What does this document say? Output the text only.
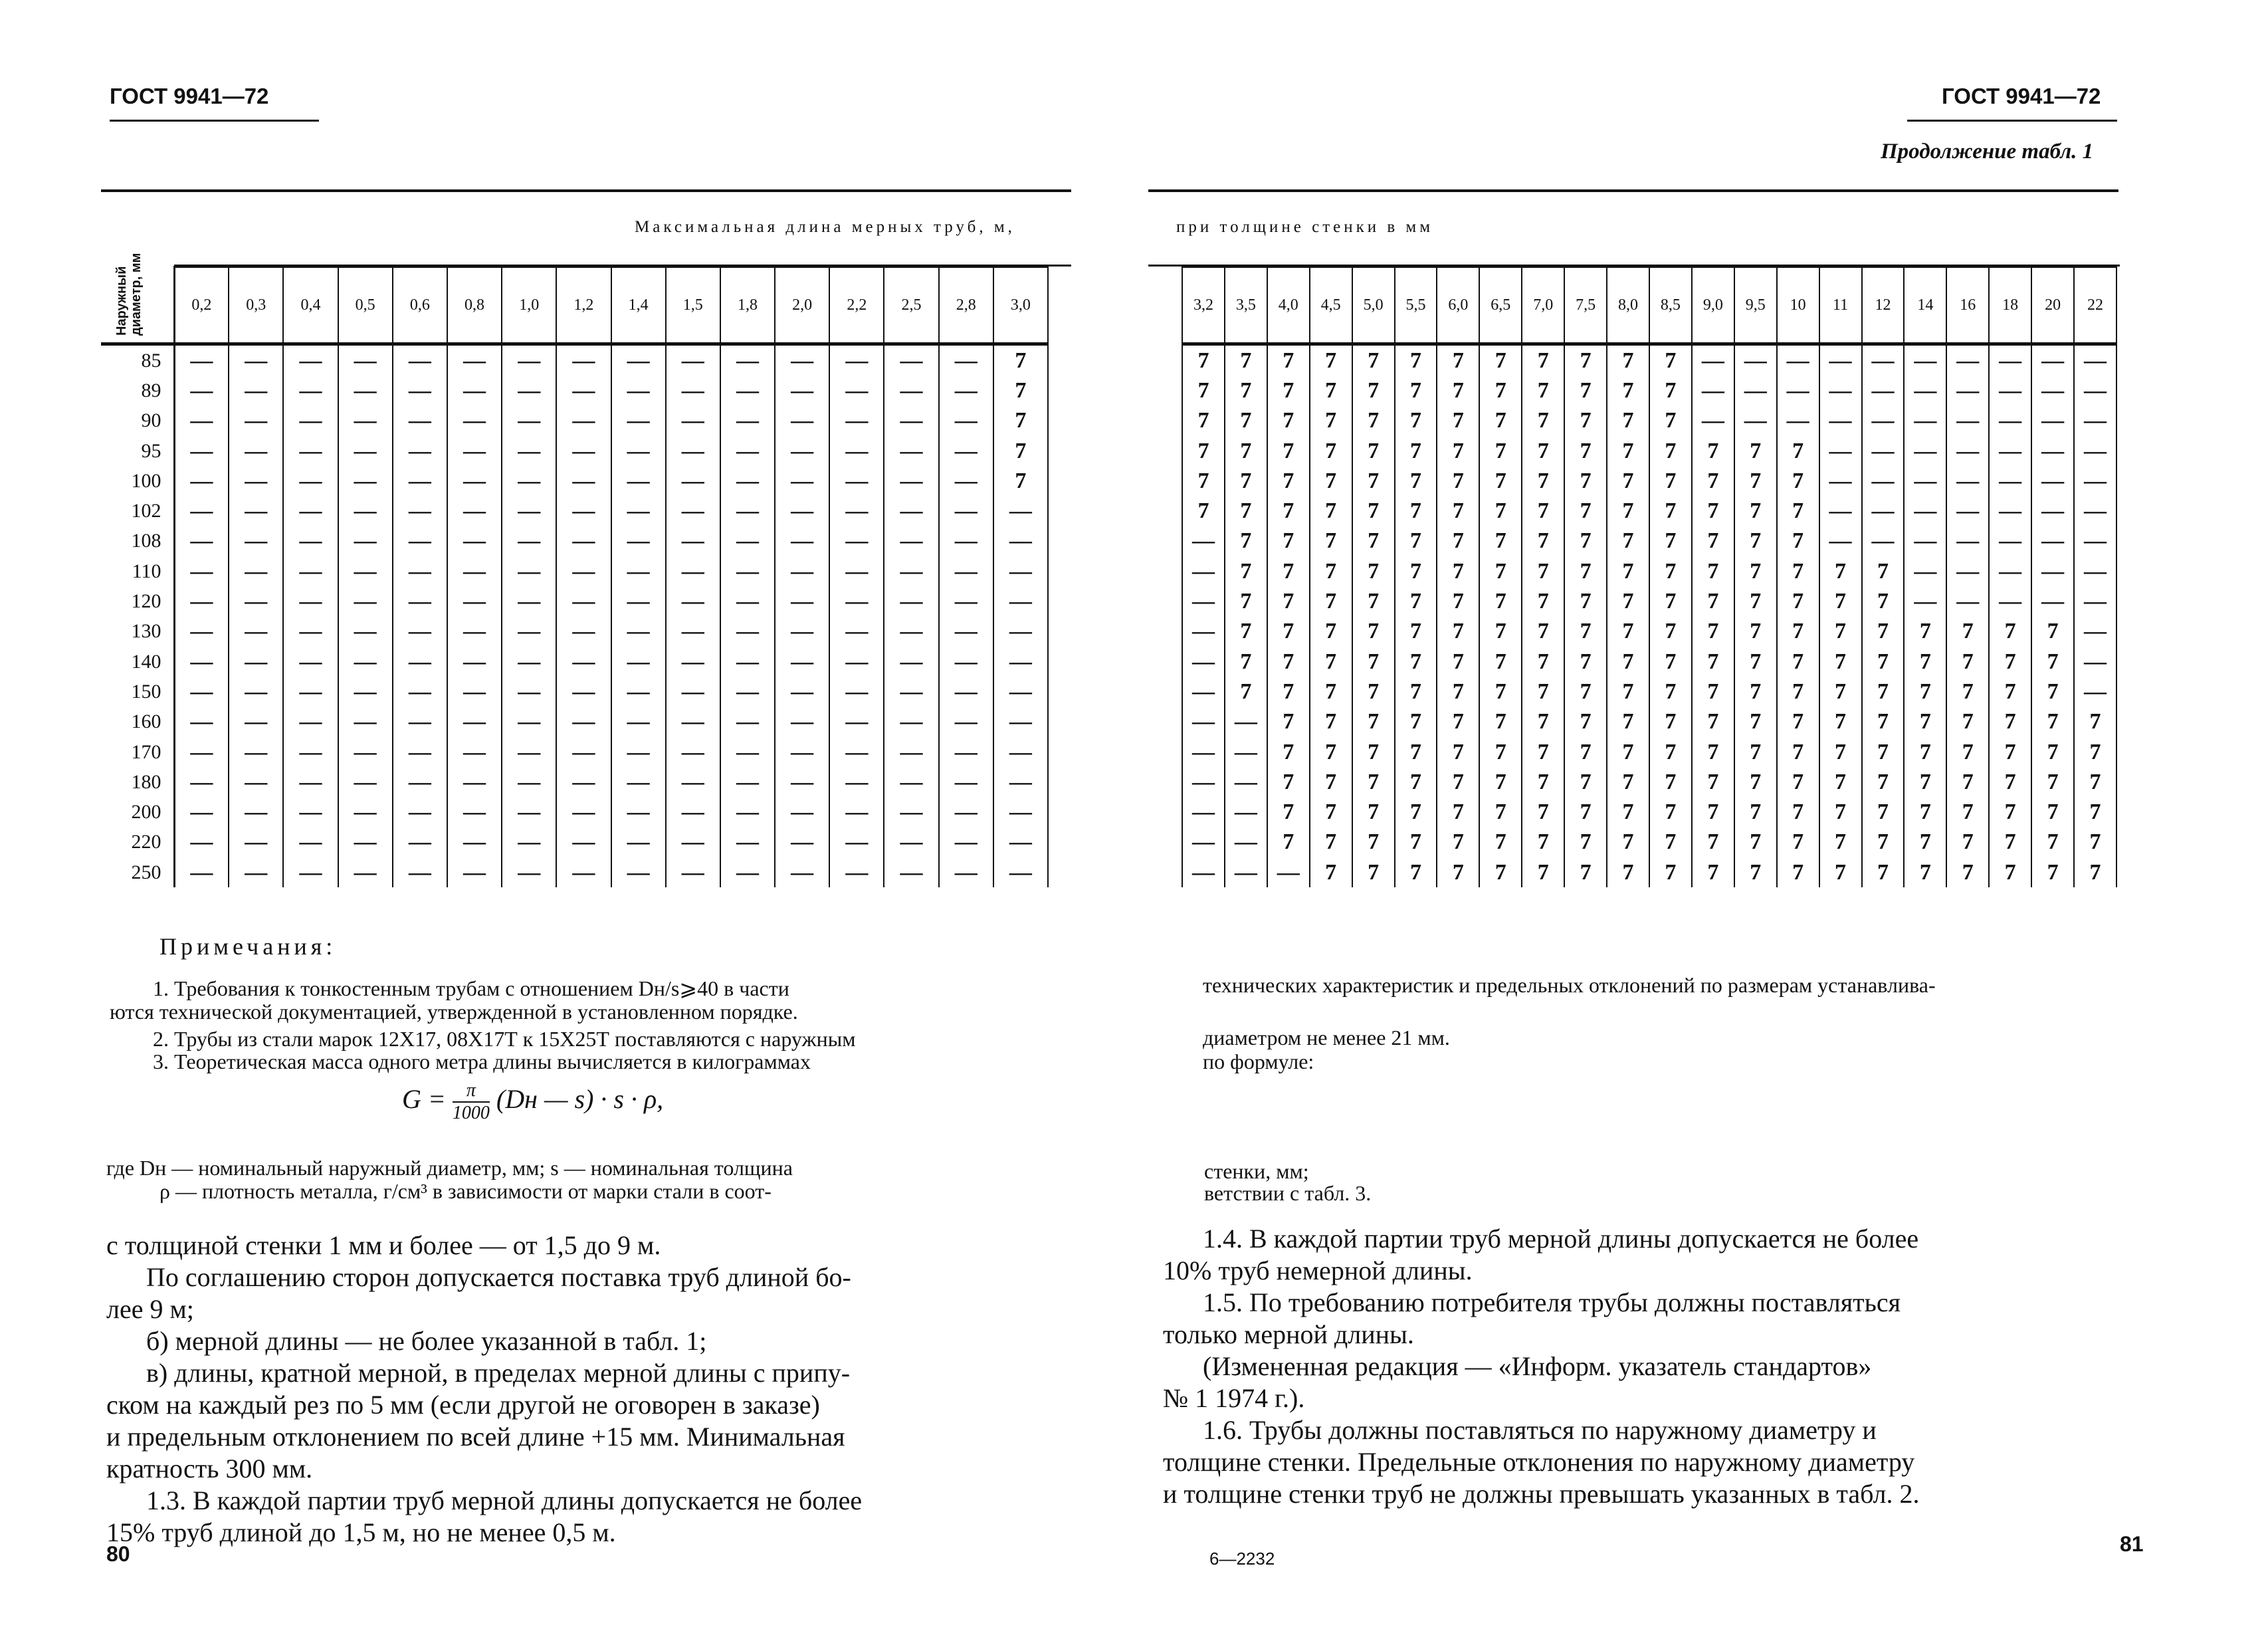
ГОСТ 9941—72
Максимальная длина мерных труб, м,
Наружный диаметр, мм
		0,2	0,3	0,4	0,5	0,6	0,8	1,0	1,2	1,4	1,5	1,8	2,0	2,2	2,5	2,8	3,0
85	—	—	—	—	—	—	—	—	—	—	—	—	—	—	—	7
89	—	—	—	—	—	—	—	—	—	—	—	—	—	—	—	7
90	—	—	—	—	—	—	—	—	—	—	—	—	—	—	—	7
95	—	—	—	—	—	—	—	—	—	—	—	—	—	—	—	7
100	—	—	—	—	—	—	—	—	—	—	—	—	—	—	—	7
102	—	—	—	—	—	—	—	—	—	—	—	—	—	—	—	—
108	—	—	—	—	—	—	—	—	—	—	—	—	—	—	—	—
110	—	—	—	—	—	—	—	—	—	—	—	—	—	—	—	—
120	—	—	—	—	—	—	—	—	—	—	—	—	—	—	—	—
130	—	—	—	—	—	—	—	—	—	—	—	—	—	—	—	—
140	—	—	—	—	—	—	—	—	—	—	—	—	—	—	—	—
150	—	—	—	—	—	—	—	—	—	—	—	—	—	—	—	—
160	—	—	—	—	—	—	—	—	—	—	—	—	—	—	—	—
170	—	—	—	—	—	—	—	—	—	—	—	—	—	—	—	—
180	—	—	—	—	—	—	—	—	—	—	—	—	—	—	—	—
200	—	—	—	—	—	—	—	—	—	—	—	—	—	—	—	—
220	—	—	—	—	—	—	—	—	—	—	—	—	—	—	—	—
250	—	—	—	—	—	—	—	—	—	—	—	—	—	—	—	—
Примечания:
1. Требования к тонкостенным трубам с отношением Dн/s⩾40 в части
ются технической документацией, утвержденной в установленном порядке.
2. Трубы из стали марок 12Х17, 08Х17Т к 15Х25Т поставляются с наружным
3. Теоретическая масса одного метра длины вычисляется в килограммах
$G = \frac{\pi}{1000} (Dн$ — s) · s · ρ,
где Dн — номинальный наружный диаметр, мм; s — номинальная толщина
ρ — плотность металла, г/см³ в зависимости от марки стали в соот-

с толщиной стенки 1 мм и более — от 1,5 до 9 м.

По соглашению сторон допускается поставка труб длиной бо-

лее 9 м;

б) мерной длины — не более указанной в табл. 1;

в) длины, кратной мерной, в пределах мерной длины с припу-

ском на каждый рез по 5 мм (если другой не оговорен в заказе)

и предельным отклонением по всей длине +15 мм. Минимальная

кратность 300 мм.

1.3. В каждой партии труб мерной длины допускается не более

15% труб длиной до 1,5 м, но не менее 0,5 м.

80
ГОСТ 9941—72
Продолжение табл. 1
при толщине стенки в мм
3,2	3,5	4,0	4,5	5,0	5,5	6,0	6,5	7,0	7,5	8,0	8,5	9,0	9,5	10	11	12	14	16	18	20	22
7	7	7	7	7	7	7	7	7	7	7	7	—	—	—	—	—	—	—	—	—	—
7	7	7	7	7	7	7	7	7	7	7	7	—	—	—	—	—	—	—	—	—	—
7	7	7	7	7	7	7	7	7	7	7	7	—	—	—	—	—	—	—	—	—	—
7	7	7	7	7	7	7	7	7	7	7	7	7	7	7	—	—	—	—	—	—	—
7	7	7	7	7	7	7	7	7	7	7	7	7	7	7	—	—	—	—	—	—	—
7	7	7	7	7	7	7	7	7	7	7	7	7	7	7	—	—	—	—	—	—	—
—	7	7	7	7	7	7	7	7	7	7	7	7	7	7	—	—	—	—	—	—	—
—	7	7	7	7	7	7	7	7	7	7	7	7	7	7	7	7	—	—	—	—	—
—	7	7	7	7	7	7	7	7	7	7	7	7	7	7	7	7	—	—	—	—	—
—	7	7	7	7	7	7	7	7	7	7	7	7	7	7	7	7	7	7	7	7	—
—	7	7	7	7	7	7	7	7	7	7	7	7	7	7	7	7	7	7	7	7	—
—	7	7	7	7	7	7	7	7	7	7	7	7	7	7	7	7	7	7	7	7	—
—	—	7	7	7	7	7	7	7	7	7	7	7	7	7	7	7	7	7	7	7	7
—	—	7	7	7	7	7	7	7	7	7	7	7	7	7	7	7	7	7	7	7	7
—	—	7	7	7	7	7	7	7	7	7	7	7	7	7	7	7	7	7	7	7	7
—	—	7	7	7	7	7	7	7	7	7	7	7	7	7	7	7	7	7	7	7	7
—	—	7	7	7	7	7	7	7	7	7	7	7	7	7	7	7	7	7	7	7	7
—	—	—	7	7	7	7	7	7	7	7	7	7	7	7	7	7	7	7	7	7	7
технических характеристик и предельных отклонений по размерам устанавлива-
диаметром не менее 21 мм.
по формуле:
стенки, мм;
ветствии с табл. 3.

1.4. В каждой партии труб мерной длины допускается не более

10% труб немерной длины.

1.5. По требованию потребителя трубы должны поставляться

только мерной длины.

(Измененная редакция — «Информ. указатель стандартов»

№ 1 1974 г.).

1.6. Трубы должны поставляться по наружному диаметру и

толщине стенки. Предельные отклонения по наружному диаметру

и толщине стенки труб не должны превышать указанных в табл. 2.

6—2232
81
